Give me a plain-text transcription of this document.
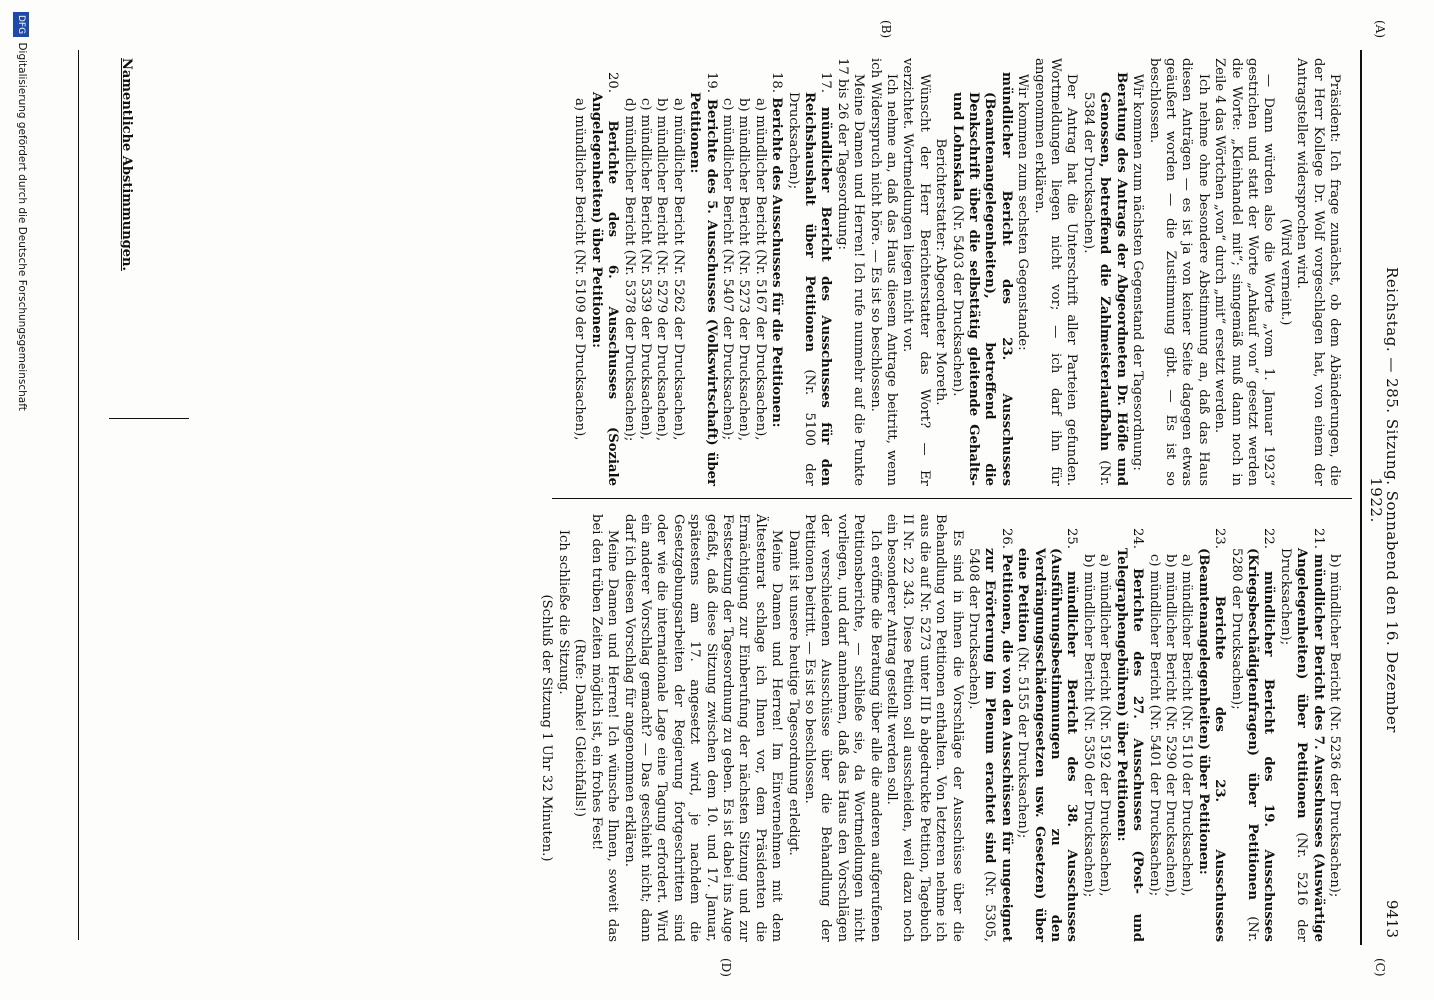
Reichstag. — 285. Sitzung. Sonnabend den 16. Dezember 1922.
9413
(C)
(A)
(B)
(D)

Präsident: Ich frage zunächst, ob dem Abänderungen, die der Herr Kollege Dr. Wolf vorgeschlagen hat, von einem der Antragsteller widersprochen wird.

(Wird verneint.)

— Dann würden also die Worte „vom 1. Januar 1923“ gestrichen und statt der Worte „Ankauf von“ gesetzt werden die Worte: „Kleinhandel mit“; sinngemäß muß dann noch in Zeile 4 das Wörtchen „von“ durch „mit“ ersetzt werden.

Ich nehme ohne besondere Abstimmung an, daß das Haus diesen Anträgen — es ist ja von keiner Seite dagegen etwas geäußert worden — die Zustimmung gibt. — Es ist so beschlossen.

Wir kommen zum nächsten Gegenstand der Tagesordnung:

Beratung des Antrags der Abgeordneten Dr. Höfle und Genossen, betreffend die Zahlmeisterlaufbahn (Nr. 5384 der Drucksachen).

Der Antrag hat die Unterschrift aller Parteien gefunden. Wortmeldungen liegen nicht vor; — ich darf ihn für angenommen erklären.

Wir kommen zum sechsten Gegenstande:

mündlicher Bericht des 23. Ausschusses (Beamtenangelegenheiten), betreffend die Denkschrift über die selbsttätig gleitende Gehalts- und Lohnskala (Nr. 5403 der Drucksachen).

Berichterstatter: Abgeordneter Moreth.

Wünscht der Herr Berichterstatter das Wort? — Er verzichtet. Wortmeldungen liegen nicht vor.

Ich nehme an, daß das Haus diesem Antrage beitritt, wenn ich Widerspruch nicht höre. — Es ist so beschlossen.

Meine Damen und Herren! Ich rufe nunmehr auf die Punkte 17 bis 26 der Tagesordnung:

17. mündlicher Bericht des Ausschusses für den Reichshaushalt über Petitionen (Nr. 5100 der Drucksachen);

18. Berichte des Ausschusses für die Petitionen:

a) mündlicher Bericht (Nr. 5167 der Drucksachen),

b) mündlicher Bericht (Nr. 5273 der Drucksachen),

c) mündlicher Bericht (Nr. 5407 der Drucksachen);

19. Berichte des 5. Ausschusses (Volkswirtschaft) über Petitionen:

a) mündlicher Bericht (Nr. 5262 der Drucksachen),

b) mündlicher Bericht (Nr. 5279 der Drucksachen),

c) mündlicher Bericht (Nr. 5339 der Drucksachen),

d) mündlicher Bericht (Nr. 5378 der Drucksachen);

20. Berichte des 6. Ausschusses (Soziale Angelegenheiten) über Petitionen:

a) mündlicher Bericht (Nr. 5109 der Drucksachen),

b) mündlicher Bericht (Nr. 5236 der Drucksachen);

21. mündlicher Bericht des 7. Ausschusses (Auswärtige Angelegenheiten) über Petitionen (Nr. 5216 der Drucksachen);

22. mündlicher Bericht des 19. Ausschusses (Kriegsbeschädigtenfragen) über Petitionen (Nr. 5280 der Drucksachen);

23. Berichte des 23. Ausschusses (Beamtenangelegenheiten) über Petitionen:

a) mündlicher Bericht (Nr. 5110 der Drucksachen),

b) mündlicher Bericht (Nr. 5290 der Drucksachen),

c) mündlicher Bericht (Nr. 5401 der Drucksachen);

24. Berichte des 27. Ausschusses (Post- und Telegraphengebühren) über Petitionen:

a) mündlicher Bericht (Nr. 5192 der Drucksachen),

b) mündlicher Bericht (Nr. 5350 der Drucksachen);

25. mündlicher Bericht des 38. Ausschusses (Ausführungsbestimmungen zu den Verdrängungsschädengesetzen usw. Gesetzen) über eine Petition (Nr. 5155 der Drucksachen);

26. Petitionen, die von den Ausschüssen für ungeeignet zur Erörterung im Plenum erachtet sind (Nr. 5305, 5408 der Drucksachen).

Es sind in ihnen die Vorschläge der Ausschüsse über die Behandlung von Petitionen enthalten. Von letzteren nehme ich aus die auf Nr. 5273 unter III b abgedruckte Petition, Tagebuch II Nr. 22 343. Diese Petition soll ausscheiden, weil dazu noch ein besonderer Antrag gestellt werden soll.

Ich eröffne die Beratung über alle die anderen aufgerufenen Petitionsberichte, — schließe sie, da Wortmeldungen nicht vorliegen, und darf annehmen, daß das Haus den Vorschlägen der verschiedenen Ausschüsse über die Behandlung der Petitionen beitritt. — Es ist so beschlossen.

Damit ist unsere heutige Tagesordnung erledigt.

Meine Damen und Herren! Im Einvernehmen mit dem Ältestenrat schlage ich Ihnen vor, dem Präsidenten die Ermächtigung zur Einberufung der nächsten Sitzung und zur Festsetzung der Tagesordnung zu geben. Es ist dabei ins Auge gefaßt, daß diese Sitzung zwischen dem 10. und 17. Januar, spätestens am 17. angesetzt wird, je nachdem die Gesetzgebungsarbeiten der Regierung fortgeschritten sind oder wie die internationale Lage eine Tagung erfordert. Wird ein anderer Vorschlag gemacht? — Das geschieht nicht; dann darf ich diesen Vorschlag für angenommen erklären.

Meine Damen und Herren! Ich wünsche Ihnen, soweit das bei den trüben Zeiten möglich ist, ein frohes Fest!

(Rufe: Danke! Gleichfalls!)

Ich schließe die Sitzung.

(Schluß der Sitzung 1 Uhr 32 Minuten.)

Namentliche Abstimmungen.
DFG Digitalisierung gefördert durch die Deutsche Forschungsgemeinschaft
